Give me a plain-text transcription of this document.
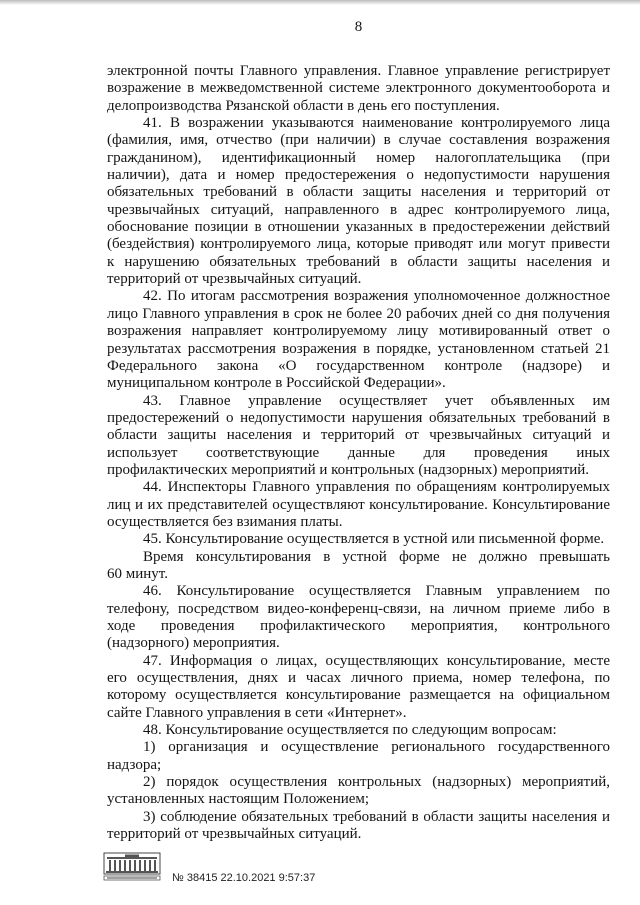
8
электронной почты Главного управления. Главное управление регистрирует
возражение в межведомственной системе электронного документооборота и
делопроизводства Рязанской области в день его поступления.
41. В возражении указываются наименование контролируемого лица
(фамилия, имя, отчество (при наличии) в случае составления возражения
гражданином), идентификационный номер налогоплательщика (при
наличии), дата и номер предостережения о недопустимости нарушения
обязательных требований в области защиты населения и территорий от
чрезвычайных ситуаций, направленного в адрес контролируемого лица,
обоснование позиции в отношении указанных в предостережении действий
(бездействия) контролируемого лица, которые приводят или могут привести
к нарушению обязательных требований в области защиты населения и
территорий от чрезвычайных ситуаций.
42. По итогам рассмотрения возражения уполномоченное должностное
лицо Главного управления в срок не более 20 рабочих дней со дня получения
возражения направляет контролируемому лицу мотивированный ответ о
результатах рассмотрения возражения в порядке, установленном статьей 21
Федерального закона «О государственном контроле (надзоре) и
муниципальном контроле в Российской Федерации».
43. Главное управление осуществляет учет объявленных им
предостережений о недопустимости нарушения обязательных требований в
области защиты населения и территорий от чрезвычайных ситуаций и
использует соответствующие данные для проведения иных
профилактических мероприятий и контрольных (надзорных) мероприятий.
44. Инспекторы Главного управления по обращениям контролируемых
лиц и их представителей осуществляют консультирование. Консультирование
осуществляется без взимания платы.
45. Консультирование осуществляется в устной или письменной форме.
Время консультирования в устной форме не должно превышать
60 минут.
46. Консультирование осуществляется Главным управлением по
телефону, посредством видео-конференц-связи, на личном приеме либо в
ходе проведения профилактического мероприятия, контрольного
(надзорного) мероприятия.
47. Информация о лицах, осуществляющих консультирование, месте
его осуществления, днях и часах личного приема, номер телефона, по
которому осуществляется консультирование размещается на официальном
сайте Главного управления в сети «Интернет».
48. Консультирование осуществляется по следующим вопросам:
1) организация и осуществление регионального государственного
надзора;
2) порядок осуществления контрольных (надзорных) мероприятий,
установленных настоящим Положением;
3) соблюдение обязательных требований в области защиты населения и
территорий от чрезвычайных ситуаций.
№ 38415 22.10.2021 9:57:37
